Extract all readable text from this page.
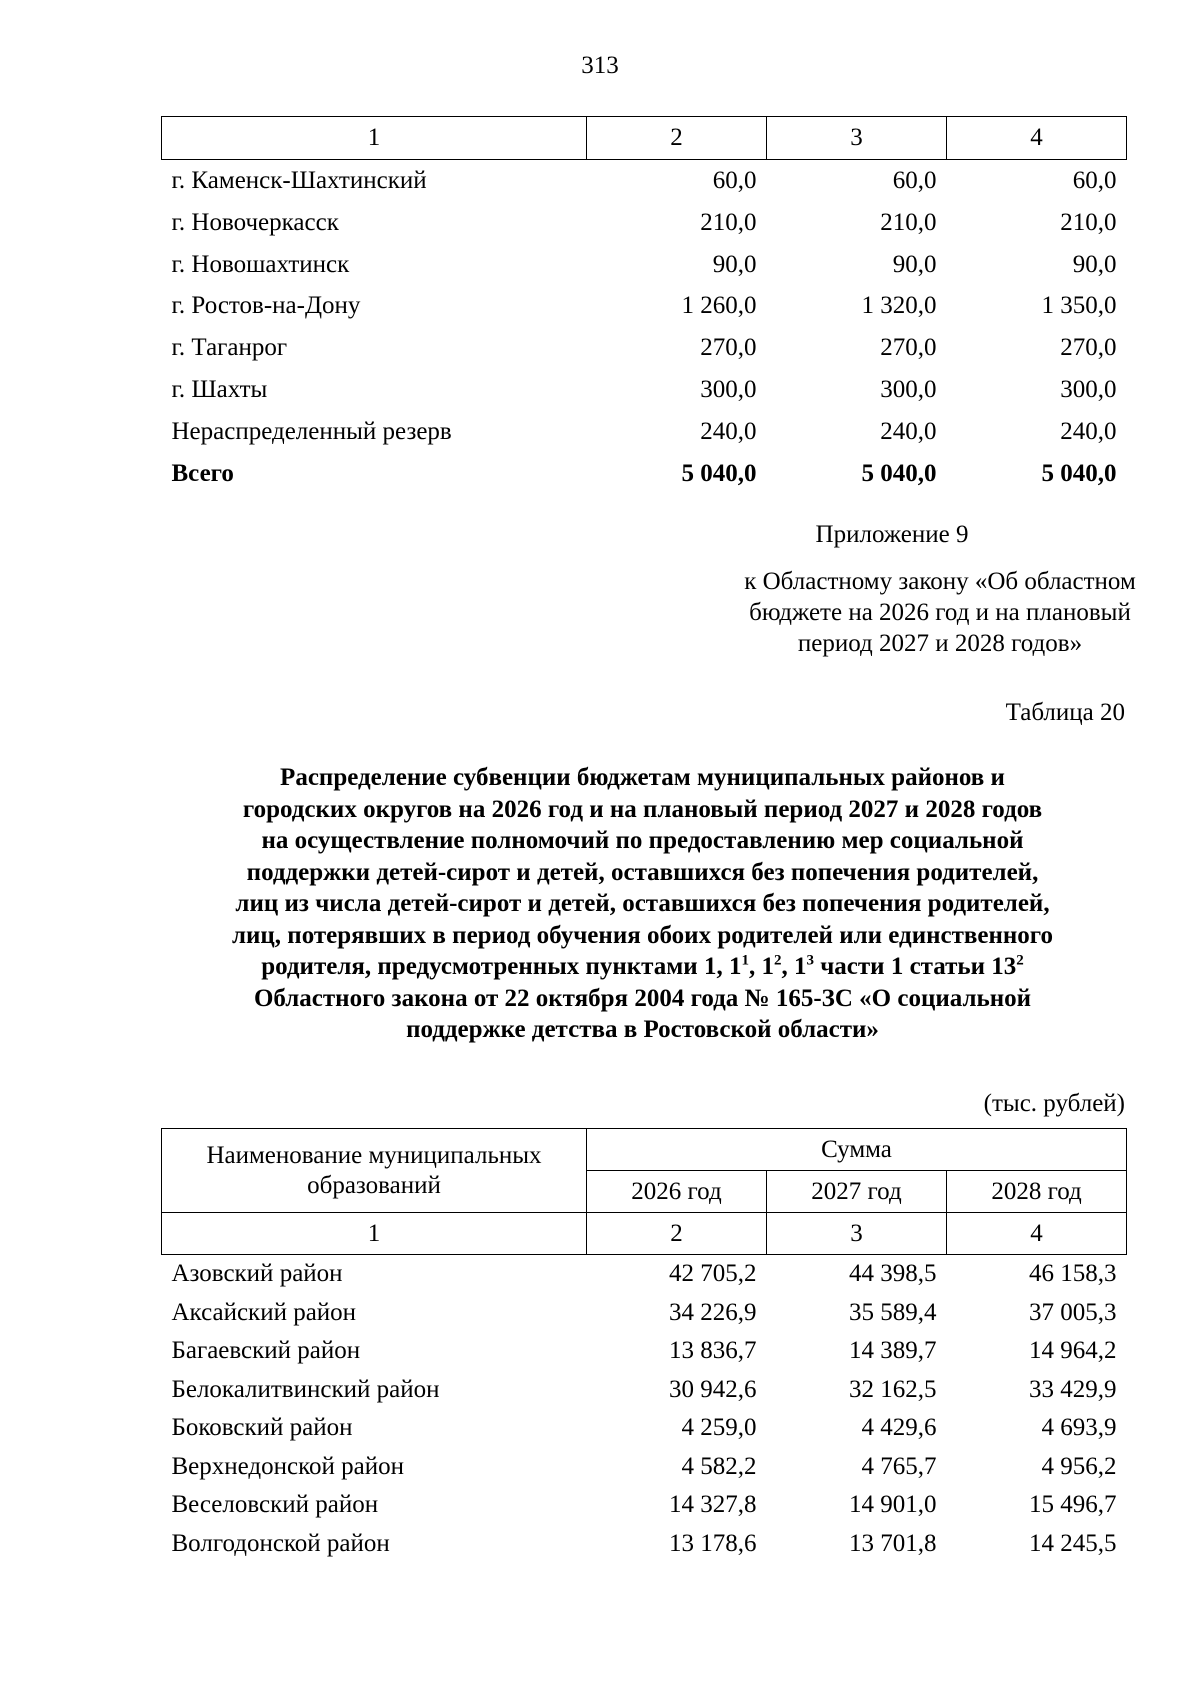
313
1	2	3	4
г. Каменск-Шахтинский	60,0	60,0	60,0
г. Новочеркасск	210,0	210,0	210,0
г. Новошахтинск	90,0	90,0	90,0
г. Ростов-на-Дону	1 260,0	1 320,0	1 350,0
г. Таганрог	270,0	270,0	270,0
г. Шахты	300,0	300,0	300,0
Нераспределенный резерв	240,0	240,0	240,0
Всего	5 040,0	5 040,0	5 040,0
Приложение 9
к Областному закону «Об областном
бюджете на 2026 год и на плановый
период 2027 и 2028 годов»
Таблица 20
Распределение субвенции бюджетам муниципальных районов и
городских округов на 2026 год и на плановый период 2027 и 2028 годов
на осуществление полномочий по предоставлению мер социальной
поддержки детей-сирот и детей, оставшихся без попечения родителей,
лиц из числа детей-сирот и детей, оставшихся без попечения родителей,
лиц, потерявших в период обучения обоих родителей или единственного
родителя, предусмотренных пунктами 1, $1^1$, $1^2$, $1^3$ части 1 статьи $13^2$
Областного закона от 22 октября 2004 года № 165-ЗС «О социальной
поддержке детства в Ростовской области»
(тыс. рублей)
Наименование муниципальных образований	Сумма		
	2026 год	2027 год	2028 год
1	2	3	4
Азовский район	42 705,2	44 398,5	46 158,3
Аксайский район	34 226,9	35 589,4	37 005,3
Багаевский район	13 836,7	14 389,7	14 964,2
Белокалитвинский район	30 942,6	32 162,5	33 429,9
Боковский район	4 259,0	4 429,6	4 693,9
Верхнедонской район	4 582,2	4 765,7	4 956,2
Веселовский район	14 327,8	14 901,0	15 496,7
Волгодонской район	13 178,6	13 701,8	14 245,5
